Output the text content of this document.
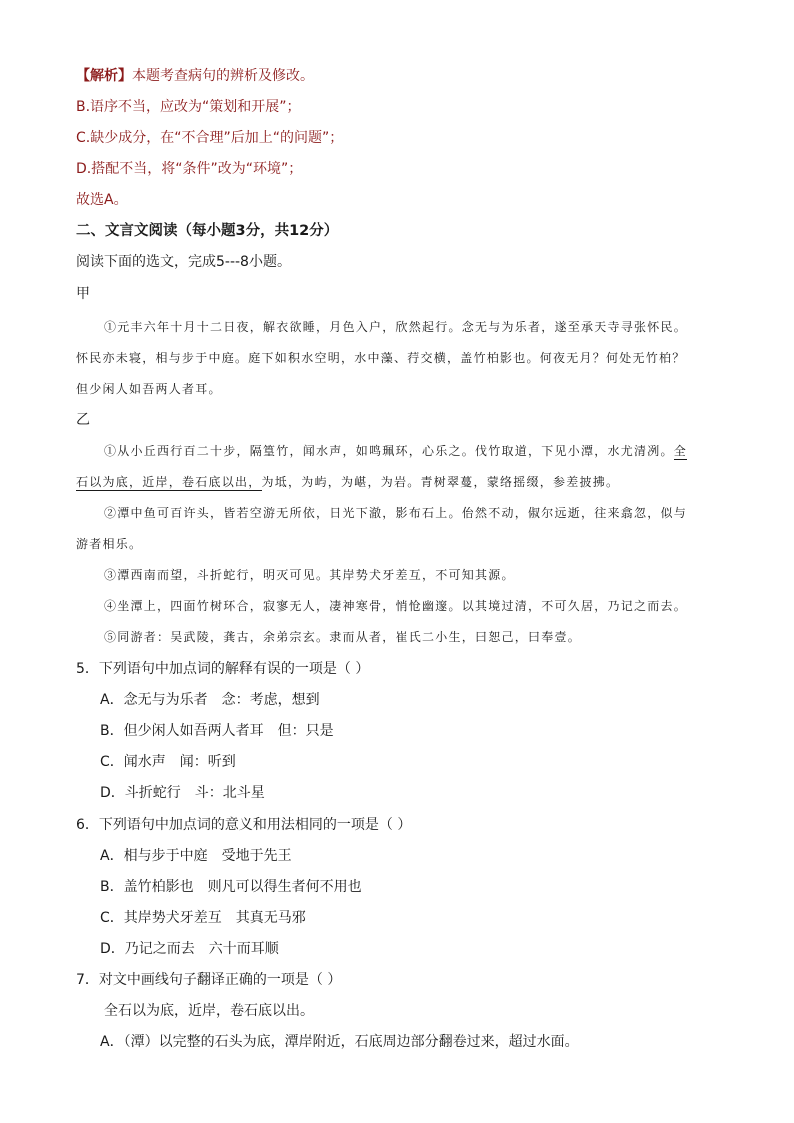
【解析】本题考查病句的辨析及修改。
B.语序不当，应改为“策划和开展”；
C.缺少成分，在“不合理”后加上“的问题”；
D.搭配不当，将“条件”改为“环境”；
故选A。
二、文言文阅读（每小题3分，共12分）
阅读下面的选文，完成5---8小题。
甲
①元丰六年十月十二日夜，解衣欲睡，月色入户，欣然起行。念无与为乐者，遂至承天寺寻张怀民。
怀民亦未寝，相与步于中庭。庭下如积水空明，水中藻、荇交横，盖竹柏影也。何夜无月？何处无竹柏？
但少闲人如吾两人者耳。
乙
①从小丘西行百二十步，隔篁竹，闻水声，如鸣珮环，心乐之。伐竹取道，下见小潭，水尤清冽。全
石以为底，近岸，卷石底以出，为坻，为屿，为嵁，为岩。青树翠蔓，蒙络摇缀，参差披拂。
②潭中鱼可百许头，皆若空游无所依，日光下澈，影布石上。佁然不动，俶尔远逝，往来翕忽，似与
游者相乐。
③潭西南而望，斗折蛇行，明灭可见。其岸势犬牙差互，不可知其源。
④坐潭上，四面竹树环合，寂寥无人，凄神寒骨，悄怆幽邃。以其境过清，不可久居，乃记之而去。
⑤同游者：吴武陵，龚古，余弟宗玄。隶而从者，崔氏二小生，曰恕己，曰奉壹。
5．下列语句中加点词的解释有误的一项是（ ）
A．念无与为乐者　念：考虑，想到
B．但少闲人如吾两人者耳　但：只是
C．闻水声　闻：听到
D．斗折蛇行　斗：北斗星
6．下列语句中加点词的意义和用法相同的一项是（ ）
A．相与步于中庭　受地于先王
B．盖竹柏影也　则凡可以得生者何不用也
C．其岸势犬牙差互　其真无马邪
D．乃记之而去　六十而耳顺
7．对文中画线句子翻译正确的一项是（ ）
全石以为底，近岸，卷石底以出。
A．（潭）以完整的石头为底，潭岸附近，石底周边部分翻卷过来，超过水面。
